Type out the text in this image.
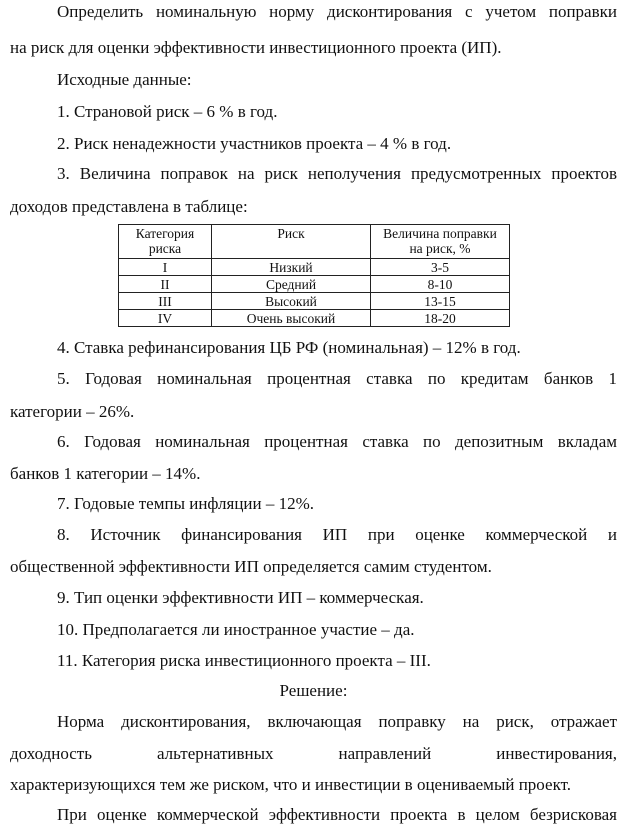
Определить номинальную норму дисконтирования с учетом поправки
на риск для оценки эффективности инвестиционного проекта (ИП).
Исходные данные:
1. Страновой риск – 6 % в год.
2. Риск ненадежности участников проекта – 4 % в год.
3. Величина поправок на риск неполучения предусмотренных проектов
доходов представлена в таблице:
Категория риска	Риск	Величина поправки на риск, %
I	Низкий	3-5
II	Средний	8-10
III	Высокий	13-15
IV	Очень высокий	18-20
4. Ставка рефинансирования ЦБ РФ (номинальная) – 12% в год.
5. Годовая номинальная процентная ставка по кредитам банков 1
категории – 26%.
6. Годовая номинальная процентная ставка по депозитным вкладам
банков 1 категории – 14%.
7. Годовые темпы инфляции – 12%.
8. Источник финансирования ИП при оценке коммерческой и
общественной эффективности ИП определяется самим студентом.
9. Тип оценки эффективности ИП – коммерческая.
10. Предполагается ли иностранное участие – да.
11. Категория риска инвестиционного проекта – III.
Решение:
Норма дисконтирования, включающая поправку на риск, отражает
доходность альтернативных направлений инвестирования,
характеризующихся тем же риском, что и инвестиции в оцениваемый проект.
При оценке коммерческой эффективности проекта в целом безрисковая
